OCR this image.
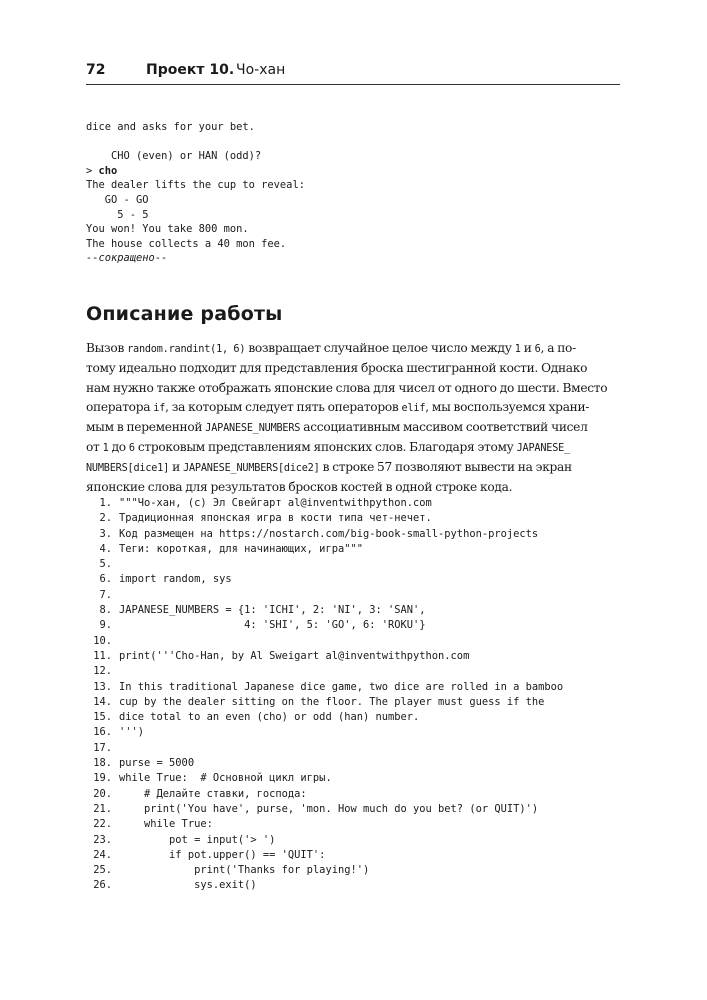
72	Проект 10. Чо-хан
dice and asks for your bet.
CHO (even) or HAN (odd)?
> cho
The dealer lifts the cup to reveal:
GO - GO
5 - 5
You won! You take 800 mon.
The house collects a 40 mon fee.
--сокращено--
Описание работы
Вызов random.randint(1, 6) возвращает случайное целое число между 1 и 6, а по-
тому идеально подходит для представления броска шестигранной кости. Однако
нам нужно также отображать японские слова для чисел от одного до шести. Вместо
оператора if, за которым следует пять операторов elif, мы воспользуемся храни-
мым в переменной JAPANESE_NUMBERS ассоциативным массивом соответствий чисел
от 1 до 6 строковым представлениям японских слов. Благодаря этому JAPANESE_
NUMBERS[dice1] и JAPANESE_NUMBERS[dice2] в строке 57 позволяют вывести на экран
японские слова для результатов бросков костей в одной строке кода.
1. """Чо-хан, (c) Эл Свейгарт al@inventwithpython.com
2. Традиционная японская игра в кости типа чет-нечет.
3. Код размещен на https://nostarch.com/big-book-small-python-projects
4. Теги: короткая, для начинающих, игра"""
5.
6. import random, sys
7.
8. JAPANESE_NUMBERS = {1: 'ICHI', 2: 'NI', 3: 'SAN',
9. 4: 'SHI', 5: 'GO', 6: 'ROKU'}
10.
11. print('''Cho-Han, by Al Sweigart al@inventwithpython.com
12.
13. In this traditional Japanese dice game, two dice are rolled in a bamboo
14. cup by the dealer sitting on the floor. The player must guess if the
15. dice total to an even (cho) or odd (han) number.
16. ''')
17.
18. purse = 5000
19. while True:  # Основной цикл игры.
20. # Делайте ставки, господа:
21. print('You have', purse, 'mon. How much do you bet? (or QUIT)')
22. while True:
23. pot = input('> ')
24. if pot.upper() == 'QUIT':
25. print('Thanks for playing!')
26. sys.exit()
